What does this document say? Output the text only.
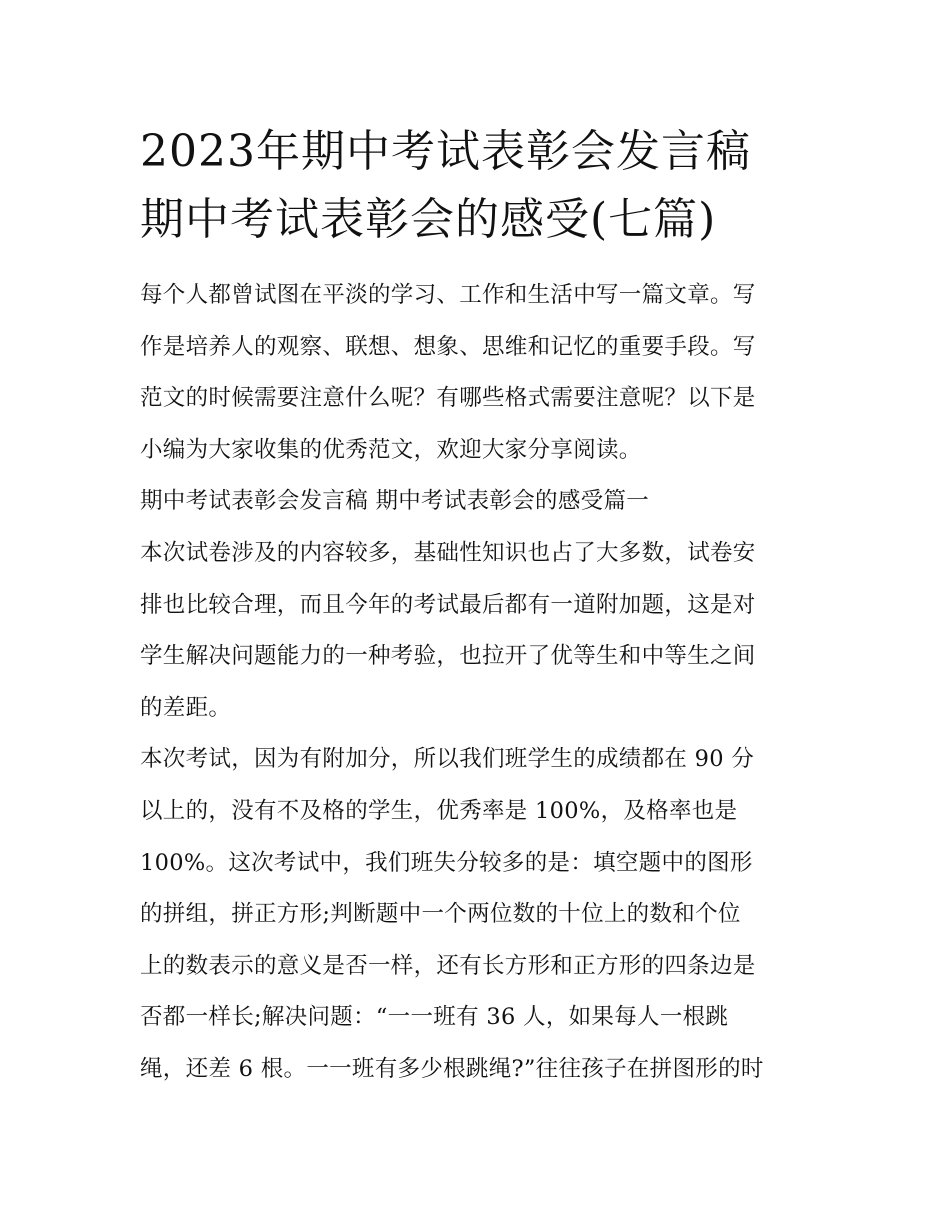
2023年期中考试表彰会发言稿
期中考试表彰会的感受(七篇)
每个人都曾试图在平淡的学习、工作和生活中写一篇文章。写
作是培养人的观察、联想、想象、思维和记忆的重要手段。写
范文的时候需要注意什么呢？有哪些格式需要注意呢？以下是
小编为大家收集的优秀范文，欢迎大家分享阅读。
期中考试表彰会发言稿 期中考试表彰会的感受篇一
本次试卷涉及的内容较多，基础性知识也占了大多数，试卷安
排也比较合理，而且今年的考试最后都有一道附加题，这是对
学生解决问题能力的一种考验，也拉开了优等生和中等生之间
的差距。
本次考试，因为有附加分，所以我们班学生的成绩都在 90 分
以上的，没有不及格的学生，优秀率是 100%，及格率也是
100%。这次考试中，我们班失分较多的是：填空题中的图形
的拼组，拼正方形;判断题中一个两位数的十位上的数和个位
上的数表示的意义是否一样，还有长方形和正方形的四条边是
否都一样长;解决问题：“一一班有 36 人，如果每人一根跳
绳，还差 6 根。一一班有多少根跳绳?”往往孩子在拼图形的时
